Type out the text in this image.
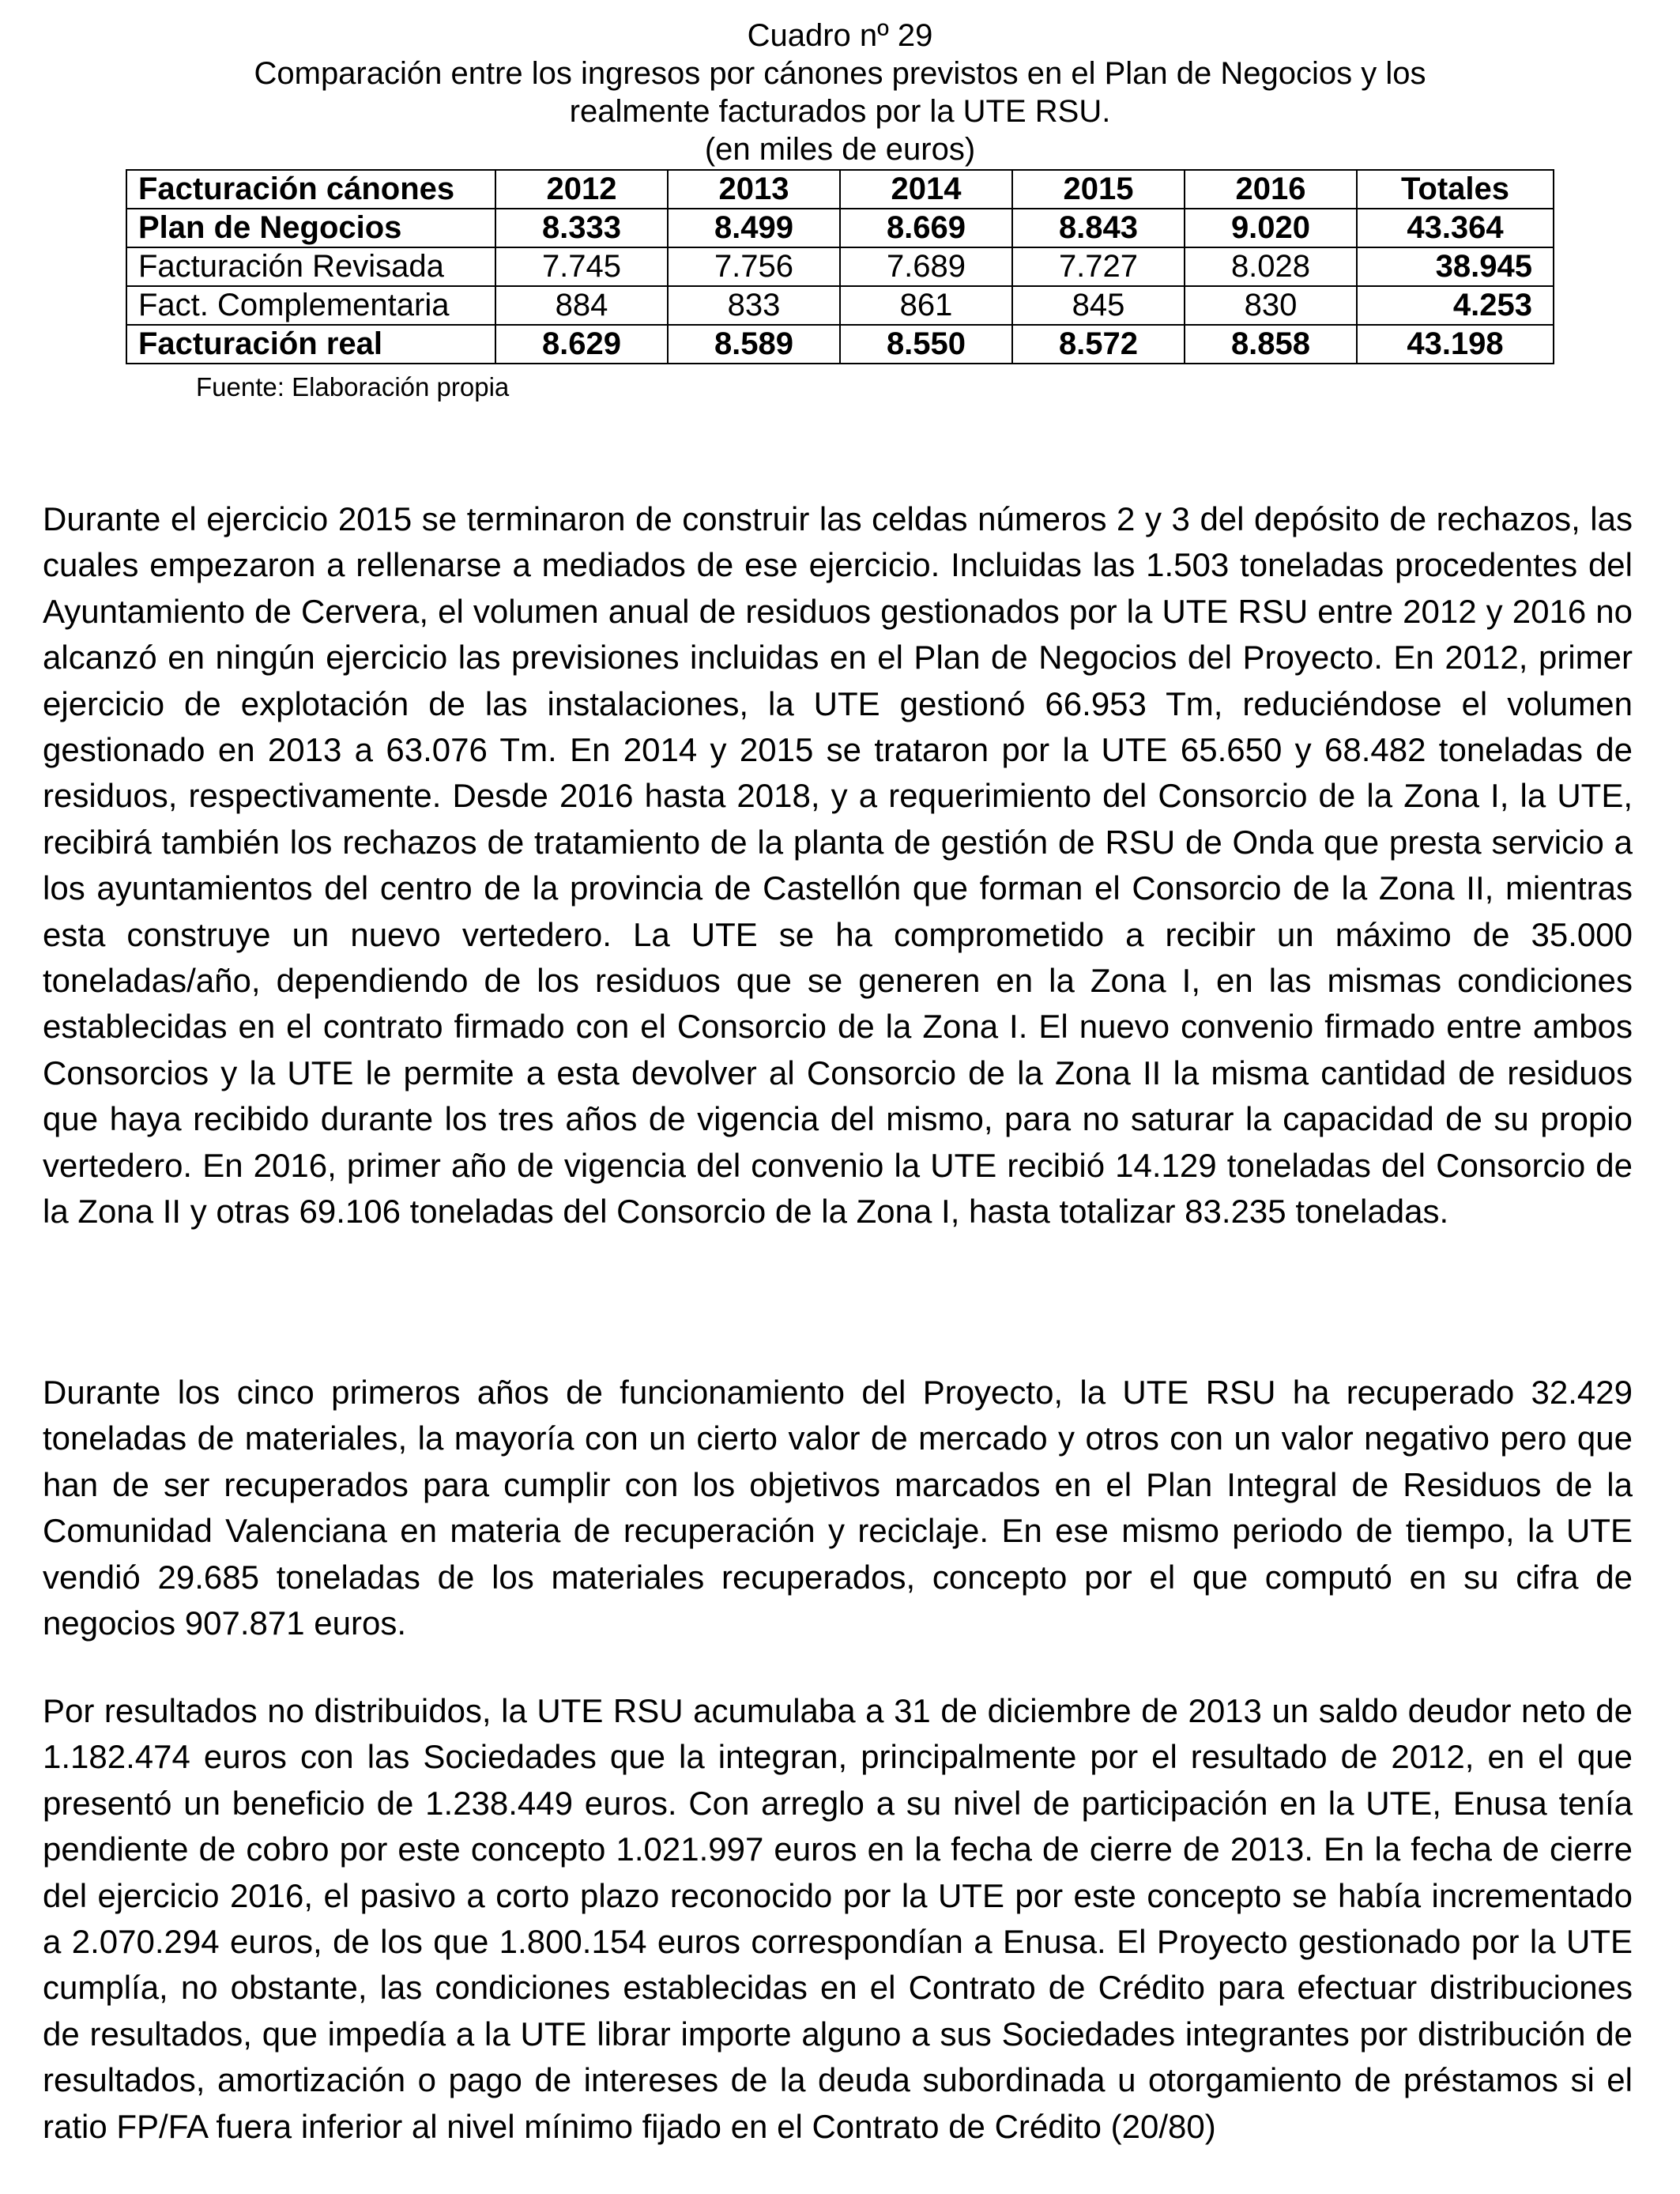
Cuadro nº 29
Comparación entre los ingresos por cánones previstos en el Plan de Negocios y los
realmente facturados por la UTE RSU.
(en miles de euros)
Facturación cánones	2012	2013	2014	2015	2016	Totales
Plan de Negocios	8.333	8.499	8.669	8.843	9.020	43.364
Facturación Revisada	7.745	7.756	7.689	7.727	8.028	38.945
Fact. Complementaria	884	833	861	845	830	4.253
Facturación real	8.629	8.589	8.550	8.572	8.858	43.198
Fuente: Elaboración propia

Durante el ejercicio 2015 se terminaron de construir las celdas números 2 y 3 del depósito de rechazos, las cuales empezaron a rellenarse a mediados de ese ejercicio. Incluidas las 1.503 toneladas procedentes del Ayuntamiento de Cervera, el volumen anual de residuos gestionados por la UTE RSU entre 2012 y 2016 no alcanzó en ningún ejercicio las previsiones incluidas en el Plan de Negocios del Proyecto. En 2012, primer ejercicio de explotación de las instalaciones, la UTE gestionó 66.953 Tm, reduciéndose el volumen gestionado en 2013 a 63.076 Tm. En 2014 y 2015 se trataron por la UTE 65.650 y 68.482 toneladas de residuos, respectivamente. Desde 2016 hasta 2018, y a requerimiento del Consorcio de la Zona I, la UTE, recibirá también los rechazos de tratamiento de la planta de gestión de RSU de Onda que presta servicio a los ayuntamientos del centro de la provincia de Castellón que forman el Consorcio de la Zona II, mientras esta construye un nuevo vertedero. La UTE se ha comprometido a recibir un máximo de 35.000 toneladas/año, dependiendo de los residuos que se generen en la Zona I, en las mismas condiciones establecidas en el contrato firmado con el Consorcio de la Zona I. El nuevo convenio firmado entre ambos Consorcios y la UTE le permite a esta devolver al Consorcio de la Zona II la misma cantidad de residuos que haya recibido durante los tres años de vigencia del mismo, para no saturar la capacidad de su propio vertedero. En 2016, primer año de vigencia del convenio la UTE recibió 14.129 toneladas del Consorcio de la Zona II y otras 69.106 toneladas del Consorcio de la Zona I, hasta totalizar 83.235 toneladas.

Durante los cinco primeros años de funcionamiento del Proyecto, la UTE RSU ha recuperado 32.429 toneladas de materiales, la mayoría con un cierto valor de mercado y otros con un valor negativo pero que han de ser recuperados para cumplir con los objetivos marcados en el Plan Integral de Residuos de la Comunidad Valenciana en materia de recuperación y reciclaje. En ese mismo periodo de tiempo, la UTE vendió 29.685 toneladas de los materiales recuperados, concepto por el que computó en su cifra de negocios 907.871 euros.

Por resultados no distribuidos, la UTE RSU acumulaba a 31 de diciembre de 2013 un saldo deudor neto de 1.182.474 euros con las Sociedades que la integran, principalmente por el resultado de 2012, en el que presentó un beneficio de 1.238.449 euros. Con arreglo a su nivel de participación en la UTE, Enusa tenía pendiente de cobro por este concepto 1.021.997 euros en la fecha de cierre de 2013. En la fecha de cierre del ejercicio 2016, el pasivo a corto plazo reconocido por la UTE por este concepto se había incrementado a 2.070.294 euros, de los que 1.800.154 euros correspondían a Enusa. El Proyecto gestionado por la UTE cumplía, no obstante, las condiciones establecidas en el Contrato de Crédito para efectuar distribuciones de resultados, que impedía a la UTE librar importe alguno a sus Sociedades integrantes por distribución de resultados, amortización o pago de intereses de la deuda subordinada u otorgamiento de préstamos si el ratio FP/FA fuera inferior al nivel mínimo fijado en el Contrato de Crédito (20/80)
